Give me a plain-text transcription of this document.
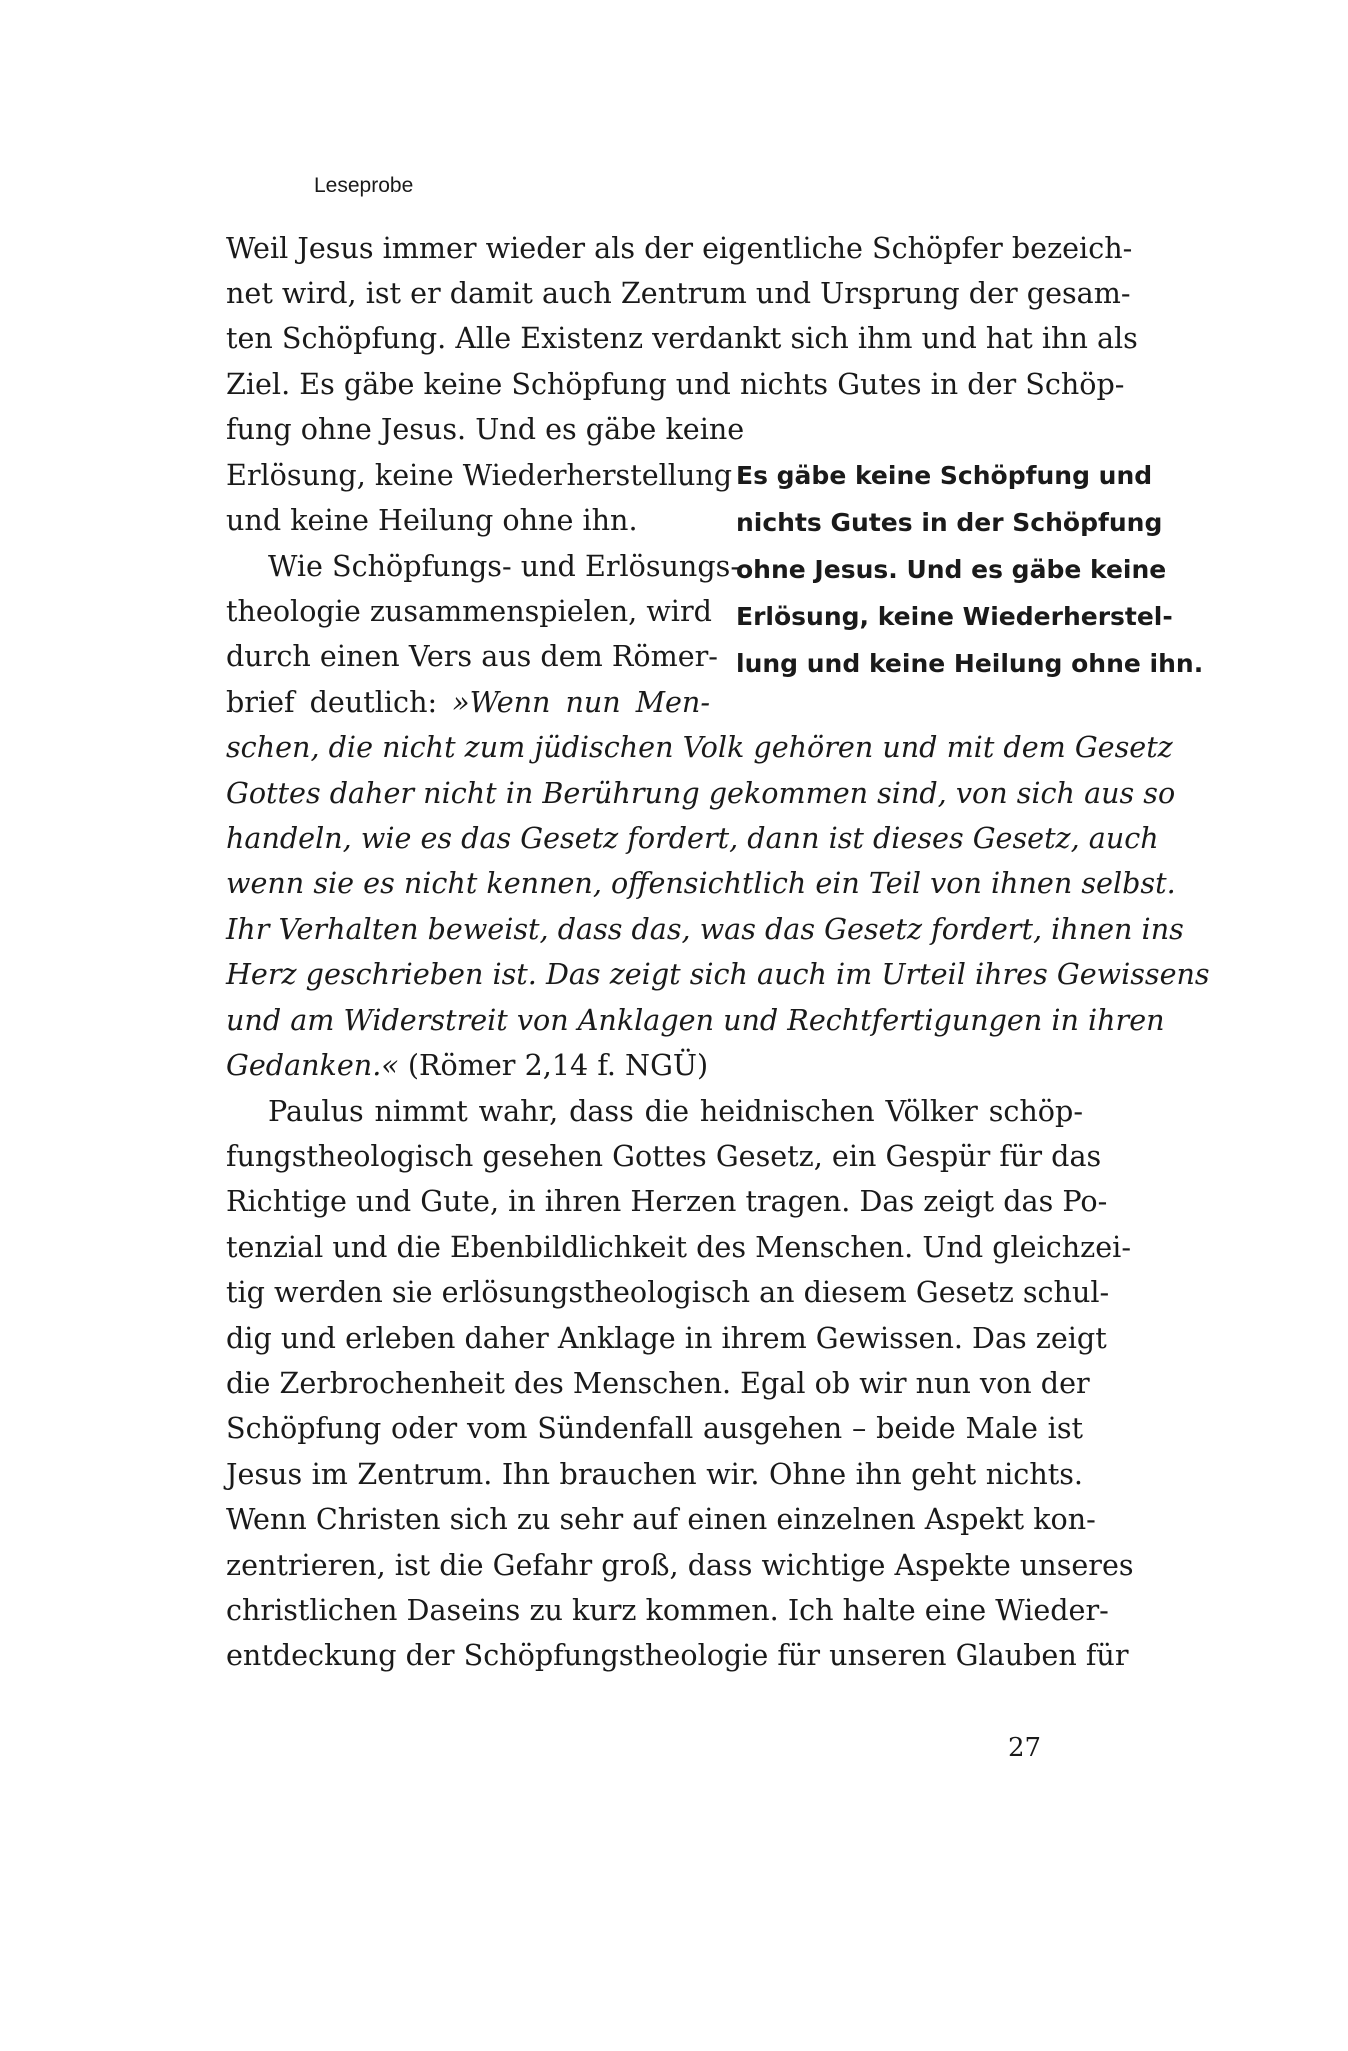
Leseprobe
Weil Jesus immer wieder als der eigentliche Schöpfer bezeich-
net wird, ist er damit auch Zentrum und Ursprung der gesam-
ten Schöpfung. Alle Existenz verdankt sich ihm und hat ihn als
Ziel. Es gäbe keine Schöpfung und nichts Gutes in der Schöp-
fung ohne Jesus. Und es gäbe keine
Erlösung, keine Wiederherstellung
und keine Heilung ohne ihn.
Wie Schöpfungs- und Erlösungs-
theologie zusammenspielen, wird
durch einen Vers aus dem Römer-
brief deutlich: »Wenn nun Men-
schen, die nicht zum jüdischen Volk gehören und mit dem Gesetz
Gottes daher nicht in Berührung gekommen sind, von sich aus so
handeln, wie es das Gesetz fordert, dann ist dieses Gesetz, auch
wenn sie es nicht kennen, offensichtlich ein Teil von ihnen selbst.
Ihr Verhalten beweist, dass das, was das Gesetz fordert, ihnen ins
Herz geschrieben ist. Das zeigt sich auch im Urteil ihres Gewissens
und am Widerstreit von Anklagen und Rechtfertigungen in ihren
Gedanken.« (Römer 2,14 f. NGÜ)
Paulus nimmt wahr, dass die heidnischen Völker schöp-
fungstheologisch gesehen Gottes Gesetz, ein Gespür für das
Richtige und Gute, in ihren Herzen tragen. Das zeigt das Po-
tenzial und die Ebenbildlichkeit des Menschen. Und gleichzei-
tig werden sie erlösungstheologisch an diesem Gesetz schul-
dig und erleben daher Anklage in ihrem Gewissen. Das zeigt
die Zerbrochenheit des Menschen. Egal ob wir nun von der
Schöpfung oder vom Sündenfall ausgehen – beide Male ist
Jesus im Zentrum. Ihn brauchen wir. Ohne ihn geht nichts.
Wenn Christen sich zu sehr auf einen einzelnen Aspekt kon-
zentrieren, ist die Gefahr groß, dass wichtige Aspekte unseres
christlichen Daseins zu kurz kommen. Ich halte eine Wieder-
entdeckung der Schöpfungstheologie für unseren Glauben für
Es gäbe keine Schöpfung und
nichts Gutes in der Schöpfung
ohne Jesus. Und es gäbe keine
Erlösung, keine Wiederherstel-
lung und keine Heilung ohne ihn.
27
